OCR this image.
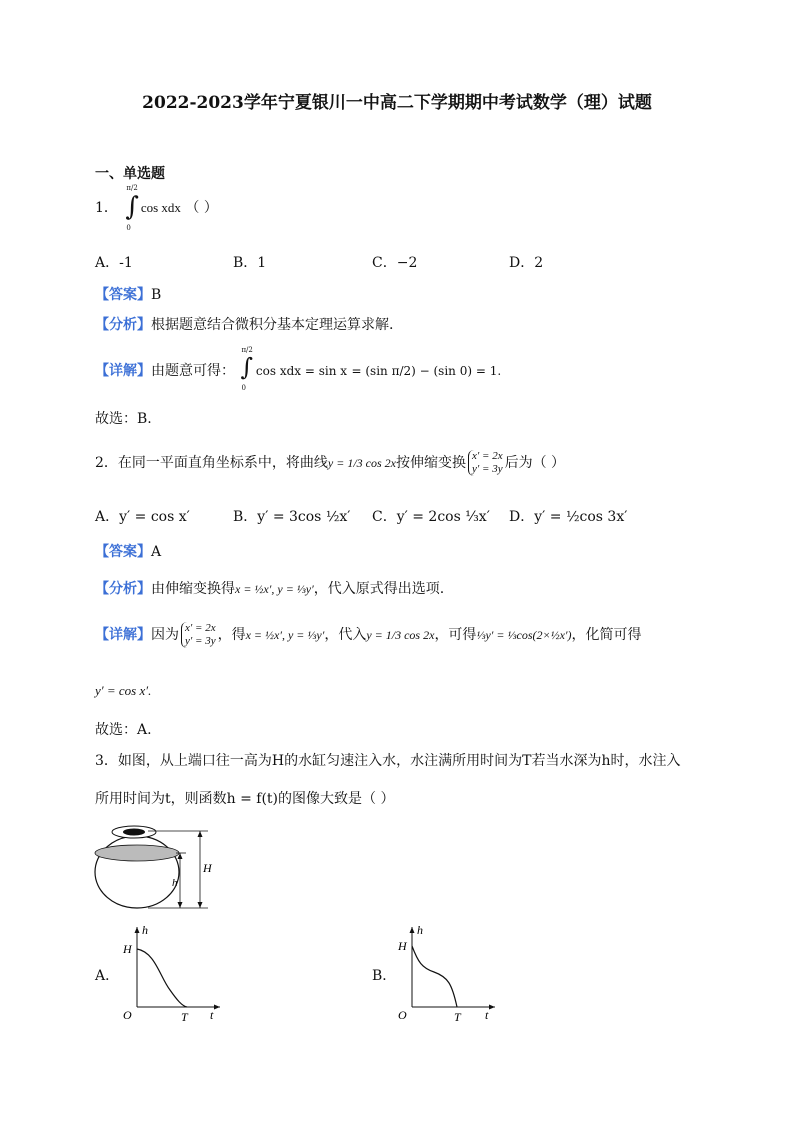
2022-2023学年宁夏银川一中高二下学期期中考试数学（理）试题
一、单选题
1． ∫
π/2
0
cos xdx （ ）
A．-1	B．1	C．−2	D．2
【答案】B
【分析】根据题意结合微积分基本定理运算求解.
【详解】由题意可得： ∫
π/2
0
cos xdx = sin x = (sin π/2) − (sin 0) = 1.
故选：B.
2．在同一平面直角坐标系中，将曲线y = 1/3 cos 2x按伸缩变换 x′ = 2x
y′ = 3y 后为（ ）
A．y′ = cos x′	B．y′ = 3cos ½x′ C．y′ = 2cos ⅓x′ D．y′ = ½cos 3x′
【答案】A
【分析】由伸缩变换得x = ½x′, y = ⅓y′，代入原式得出选项.
【详解】因为 x′ = 2x
y′ = 3y ，得x = ½x′, y = ⅓y′，代入y = 1/3 cos 2x，可得⅓y′ = ⅓cos(2×½x′)，化简可得
y′ = cos x′.
故选：A.
3．如图，从上端口往一高为H的水缸匀速注入水，水注满所用时间为T若当水深为h时，水注入
所用时间为t，则函数h = f(t)的图像大致是（ ）
H
h
A．
h
H
t
O	T
B．
h
H
t
O	T
